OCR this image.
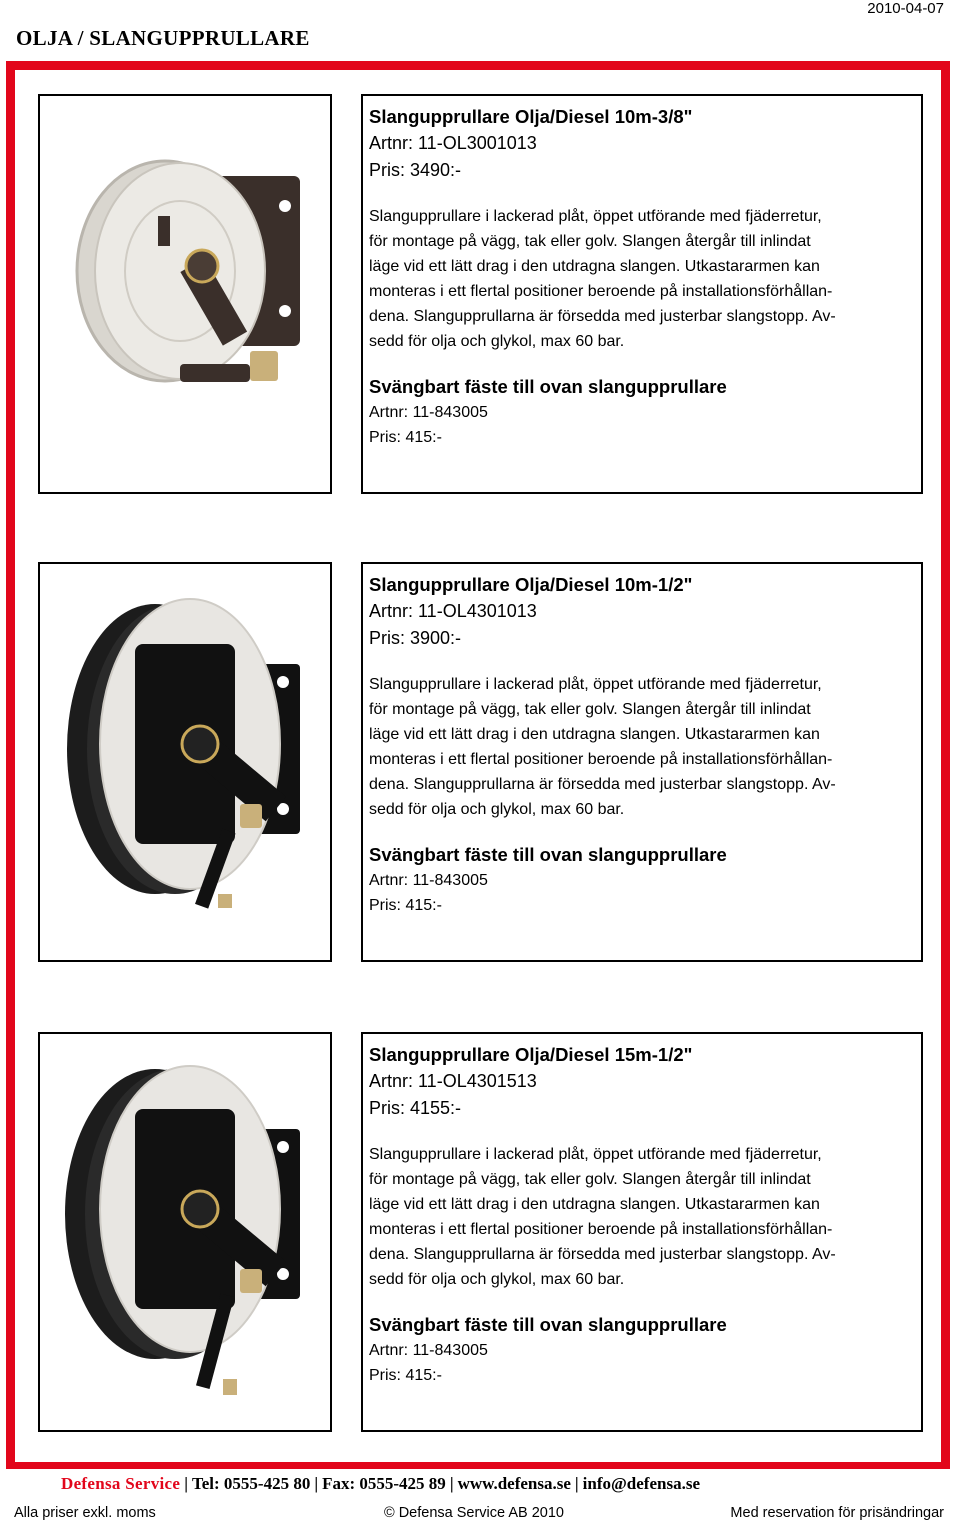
OLJA / SLANGUPPRULLARE
2010-04-07
Slangupprullare Olja/Diesel 10m-3/8"
Artnr: 11-OL3001013
Pris: 3490:-
Slangupprullare i lackerad plåt, öppet utförande med fjäderretur,
för montage på vägg, tak eller golv. Slangen återgår till inlindat
läge vid ett lätt drag i den utdragna slangen. Utkastararmen kan
monteras i ett flertal positioner beroende på installationsförhållan-
dena. Slangupprullarna är försedda med justerbar slangstopp. Av-
sedd för olja och glykol, max 60 bar.
Svängbart fäste till ovan slangupprullare
Artnr: 11-843005
Pris: 415:-
Slangupprullare Olja/Diesel 10m-1/2"
Artnr: 11-OL4301013
Pris: 3900:-
Slangupprullare i lackerad plåt, öppet utförande med fjäderretur,
för montage på vägg, tak eller golv. Slangen återgår till inlindat
läge vid ett lätt drag i den utdragna slangen. Utkastararmen kan
monteras i ett flertal positioner beroende på installationsförhållan-
dena. Slangupprullarna är försedda med justerbar slangstopp. Av-
sedd för olja och glykol, max 60 bar.
Svängbart fäste till ovan slangupprullare
Artnr: 11-843005
Pris: 415:-
Slangupprullare Olja/Diesel 15m-1/2"
Artnr: 11-OL4301513
Pris: 4155:-
Slangupprullare i lackerad plåt, öppet utförande med fjäderretur,
för montage på vägg, tak eller golv. Slangen återgår till inlindat
läge vid ett lätt drag i den utdragna slangen. Utkastararmen kan
monteras i ett flertal positioner beroende på installationsförhållan-
dena. Slangupprullarna är försedda med justerbar slangstopp. Av-
sedd för olja och glykol, max 60 bar.
Svängbart fäste till ovan slangupprullare
Artnr: 11-843005
Pris: 415:-
Defensa Service | Tel: 0555-425 80 | Fax: 0555-425 89 | www.defensa.se | info@defensa.se
Alla priser exkl. moms	© Defensa Service AB 2010	Med reservation för prisändringar
